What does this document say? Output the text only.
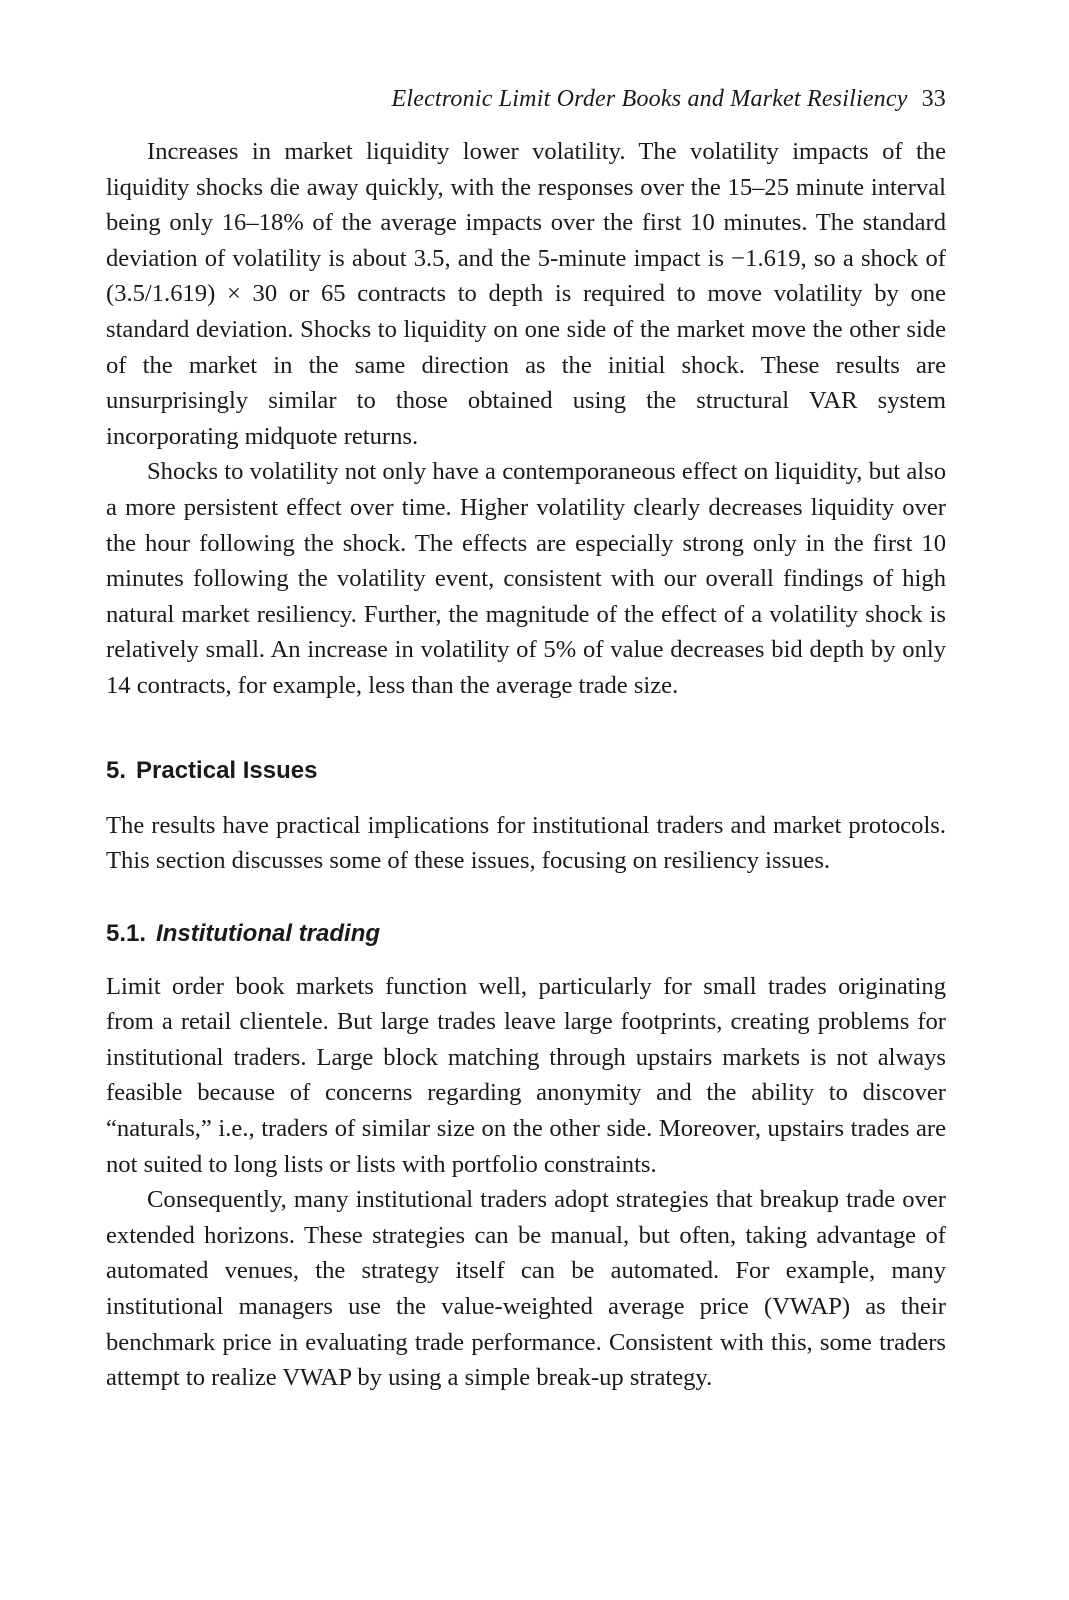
Electronic Limit Order Books and Market Resiliency 33

Increases in market liquidity lower volatility. The volatility impacts of the liquidity shocks die away quickly, with the responses over the 15–25 minute interval being only 16–18% of the average impacts over the first 10 minutes. The standard deviation of volatility is about 3.5, and the 5-minute impact is −1.619, so a shock of (3.5/1.619) × 30 or 65 contracts to depth is required to move volatility by one standard deviation. Shocks to liquidity on one side of the market move the other side of the market in the same direction as the initial shock. These results are unsurprisingly similar to those obtained using the structural VAR system incorporating midquote returns.

Shocks to volatility not only have a contemporaneous effect on liquidity, but also a more persistent effect over time. Higher volatility clearly decreases liquidity over the hour following the shock. The effects are especially strong only in the first 10 minutes following the volatility event, consistent with our overall findings of high natural market resiliency. Further, the magnitude of the effect of a volatility shock is relatively small. An increase in volatility of 5% of value decreases bid depth by only 14 contracts, for example, less than the average trade size.

5. Practical Issues

The results have practical implications for institutional traders and market protocols. This section discusses some of these issues, focusing on resiliency issues.

5.1. Institutional trading

Limit order book markets function well, particularly for small trades originating from a retail clientele. But large trades leave large footprints, creating problems for institutional traders. Large block matching through upstairs markets is not always feasible because of concerns regarding anonymity and the ability to discover “naturals,” i.e., traders of similar size on the other side. Moreover, upstairs trades are not suited to long lists or lists with portfolio constraints.

Consequently, many institutional traders adopt strategies that breakup trade over extended horizons. These strategies can be manual, but often, taking advantage of automated venues, the strategy itself can be automated. For example, many institutional managers use the value-weighted average price (VWAP) as their benchmark price in evaluating trade performance. Consistent with this, some traders attempt to realize VWAP by using a simple break-up strategy.
